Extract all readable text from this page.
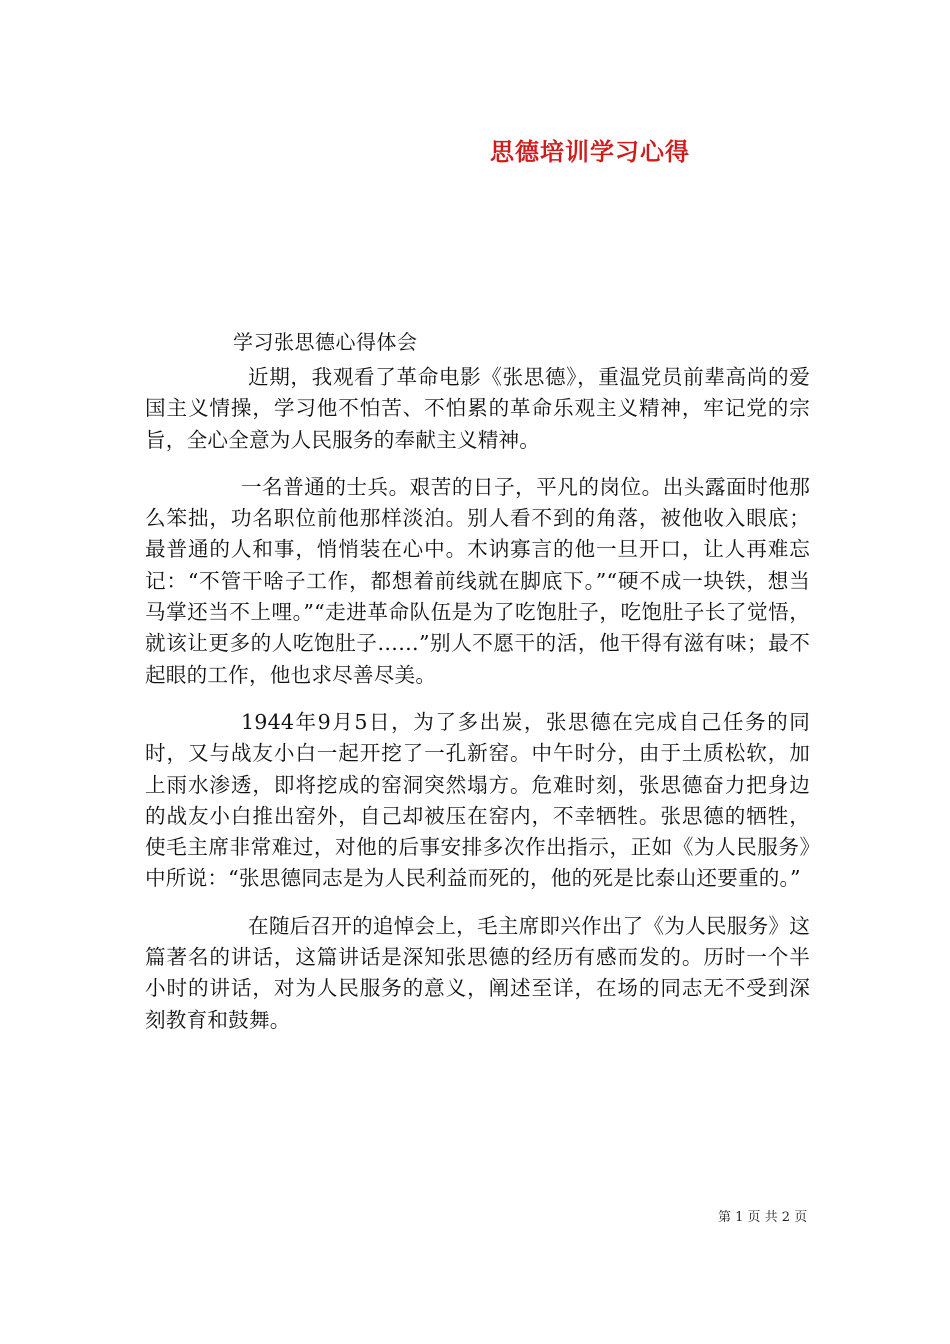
思德培训学习心得
学习张思德心得体会

近期，我观看了革命电影《张思德》，重温党员前辈高尚的爱国主义情操，学习他不怕苦、不怕累的革命乐观主义精神，牢记党的宗旨，全心全意为人民服务的奉献主义精神。

一名普通的士兵。艰苦的日子，平凡的岗位。出头露面时他那么笨拙，功名职位前他那样淡泊。别人看不到的角落，被他收入眼底；最普通的人和事，悄悄装在心中。木讷寡言的他一旦开口，让人再难忘记：“不管干啥子工作，都想着前线就在脚底下。”“硬不成一块铁，想当马掌还当不上哩。”“走进革命队伍是为了吃饱肚子，吃饱肚子长了觉悟，就该让更多的人吃饱肚子……”别人不愿干的活，他干得有滋有味；最不起眼的工作，他也求尽善尽美。

1944年9月5日，为了多出炭，张思德在完成自己任务的同时，又与战友小白一起开挖了一孔新窑。中午时分，由于土质松软，加上雨水渗透，即将挖成的窑洞突然塌方。危难时刻，张思德奋力把身边的战友小白推出窑外，自己却被压在窑内，不幸牺牲。张思德的牺牲，使毛主席非常难过，对他的后事安排多次作出指示，正如《为人民服务》中所说：“张思德同志是为人民利益而死的，他的死是比泰山还要重的。”

在随后召开的追悼会上，毛主席即兴作出了《为人民服务》这篇著名的讲话，这篇讲话是深知张思德的经历有感而发的。历时一个半小时的讲话，对为人民服务的意义，阐述至详，在场的同志无不受到深刻教育和鼓舞。

第 1 页 共 2 页
